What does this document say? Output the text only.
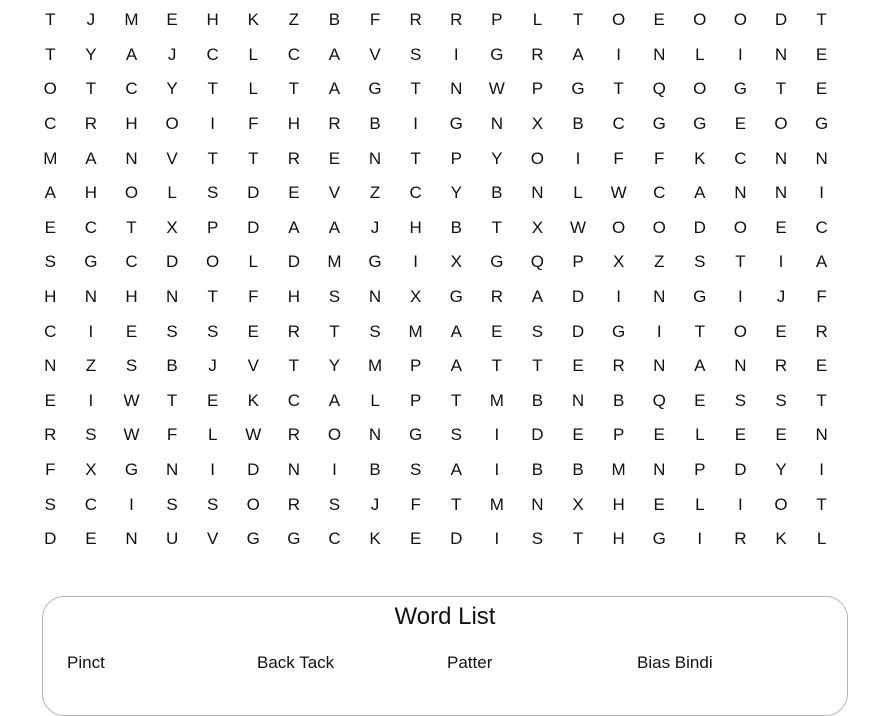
T	J	M	E	H	K	Z	B	F	R	R	P	L	T	O	E	O	O	D	T
T	Y	A	J	C	L	C	A	V	S	I	G	R	A	I	N	L	I	N	E
O	T	C	Y	T	L	T	A	G	T	N	W	P	G	T	Q	O	G	T	E
C	R	H	O	I	F	H	R	B	I	G	N	X	B	C	G	G	E	O	G
M	A	N	V	T	T	R	E	N	T	P	Y	O	I	F	F	K	C	N	N
A	H	O	L	S	D	E	V	Z	C	Y	B	N	L	W	C	A	N	N	I
E	C	T	X	P	D	A	A	J	H	B	T	X	W	O	O	D	O	E	C
S	G	C	D	O	L	D	M	G	I	X	G	Q	P	X	Z	S	T	I	A
H	N	H	N	T	F	H	S	N	X	G	R	A	D	I	N	G	I	J	F
C	I	E	S	S	E	R	T	S	M	A	E	S	D	G	I	T	O	E	R
N	Z	S	B	J	V	T	Y	M	P	A	T	T	E	R	N	A	N	R	E
E	I	W	T	E	K	C	A	L	P	T	M	B	N	B	Q	E	S	S	T
R	S	W	F	L	W	R	O	N	G	S	I	D	E	P	E	L	E	E	N
F	X	G	N	I	D	N	I	B	S	A	I	B	B	M	N	P	D	Y	I
S	C	I	S	S	O	R	S	J	F	T	M	N	X	H	E	L	I	O	T
D	E	N	U	V	G	G	C	K	E	D	I	S	T	H	G	I	R	K	L
Word List
Pinct	Back Tack	Patter	Bias Bindi
